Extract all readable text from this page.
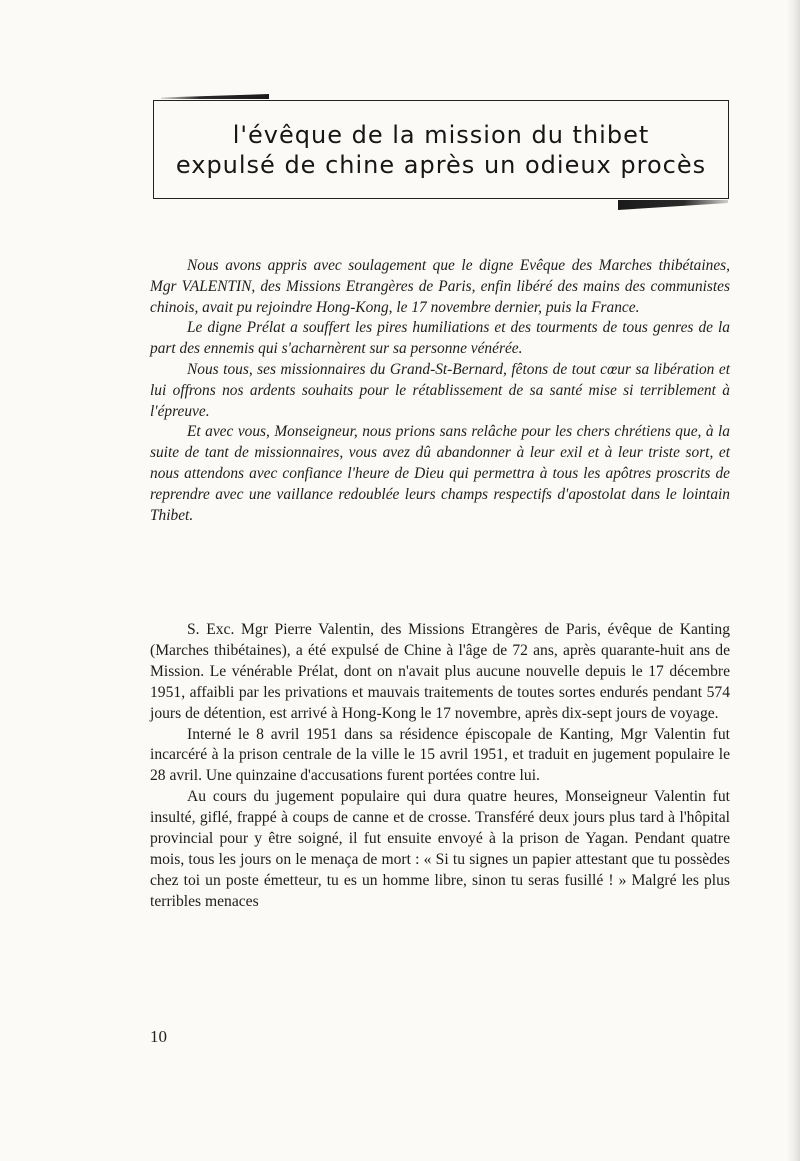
l'évêque de la mission du thibet
expulsé de chine après un odieux procès

Nous avons appris avec soulagement que le digne Evêque des Marches thibétaines, Mgr VALENTIN, des Missions Etrangères de Paris, enfin libéré des mains des communistes chinois, avait pu rejoindre Hong-Kong, le 17 novembre dernier, puis la France.

Le digne Prélat a souffert les pires humiliations et des tourments de tous genres de la part des ennemis qui s'acharnèrent sur sa personne vénérée.

Nous tous, ses missionnaires du Grand-St-Bernard, fêtons de tout cœur sa libération et lui offrons nos ardents souhaits pour le rétablissement de sa santé mise si terriblement à l'épreuve.

Et avec vous, Monseigneur, nous prions sans relâche pour les chers chrétiens que, à la suite de tant de missionnaires, vous avez dû abandonner à leur exil et à leur triste sort, et nous attendons avec confiance l'heure de Dieu qui permettra à tous les apôtres proscrits de reprendre avec une vaillance redoublée leurs champs respectifs d'apostolat dans le lointain Thibet.

S. Exc. Mgr Pierre Valentin, des Missions Etrangères de Paris, évêque de Kanting (Marches thibétaines), a été expulsé de Chine à l'âge de 72 ans, après quarante-huit ans de Mission. Le vénérable Prélat, dont on n'avait plus aucune nouvelle depuis le 17 décembre 1951, affaibli par les privations et mauvais traitements de toutes sortes endurés pendant 574 jours de détention, est arrivé à Hong-Kong le 17 novembre, après dix-sept jours de voyage.

Interné le 8 avril 1951 dans sa résidence épiscopale de Kanting, Mgr Valentin fut incarcéré à la prison centrale de la ville le 15 avril 1951, et traduit en jugement populaire le 28 avril. Une quinzaine d'accusations furent portées contre lui.

Au cours du jugement populaire qui dura quatre heures, Monseigneur Valentin fut insulté, giflé, frappé à coups de canne et de crosse. Transféré deux jours plus tard à l'hôpital provincial pour y être soigné, il fut ensuite envoyé à la prison de Yagan. Pendant quatre mois, tous les jours on le menaça de mort : « Si tu signes un papier attestant que tu possèdes chez toi un poste émetteur, tu es un homme libre, sinon tu seras fusillé ! » Malgré les plus terribles menaces

10
